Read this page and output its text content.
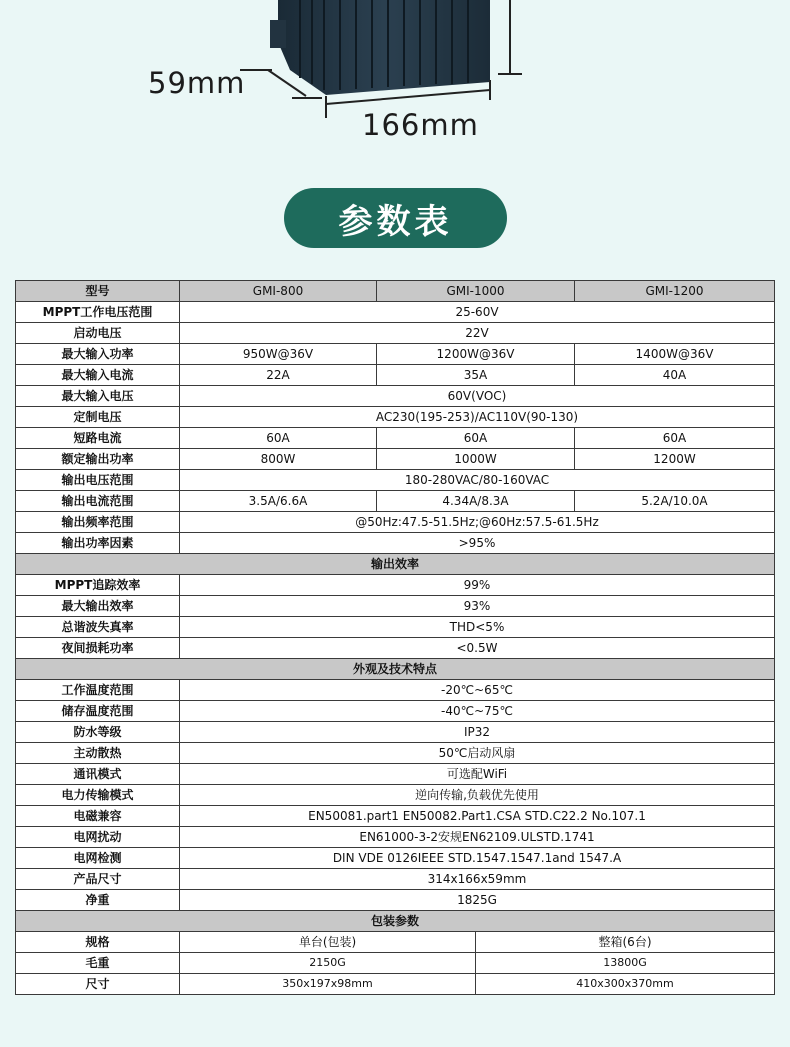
59mm
166mm
参数表
型号	GMI-800	GMI-1000		GMI-1200
MPPT工作电压范围	25-60V			
启动电压	22V			
最大输入功率	950W@36V	1200W@36V		1400W@36V
最大输入电流	22A	35A		40A
最大输入电压	60V(VOC)			
定制电压	AC230(195-253)/AC110V(90-130)			
短路电流	60A	60A		60A
额定输出功率	800W	1000W		1200W
输出电压范围	180-280VAC/80-160VAC			
输出电流范围	3.5A/6.6A	4.34A/8.3A		5.2A/10.0A
输出频率范围	@50Hz:47.5-51.5Hz;@60Hz:57.5-61.5Hz			
输出功率因素	>95%			
输出效率				
MPPT追踪效率	99%			
最大输出效率	93%			
总谐波失真率	THD<5%			
夜间损耗功率	<0.5W			
外观及技术特点				
工作温度范围	-20℃~65℃			
储存温度范围	-40℃~75℃			
防水等级	IP32			
主动散热	50℃启动风扇			
通讯模式	可选配WiFi			
电力传输模式	逆向传输,负载优先使用			
电磁兼容	EN50081.part1 EN50082.Part1.CSA STD.C22.2 No.107.1			
电网扰动	EN61000-3-2安规EN62109.ULSTD.1741			
电网检测	DIN VDE 0126IEEE STD.1547.1547.1and 1547.A			
产品尺寸	314x166x59mm			
净重	1825G			
包装参数				
规格	单台(包装)		整箱(6台)	
毛重	2150G		13800G	
尺寸	350x197x98mm		410x300x370mm	
